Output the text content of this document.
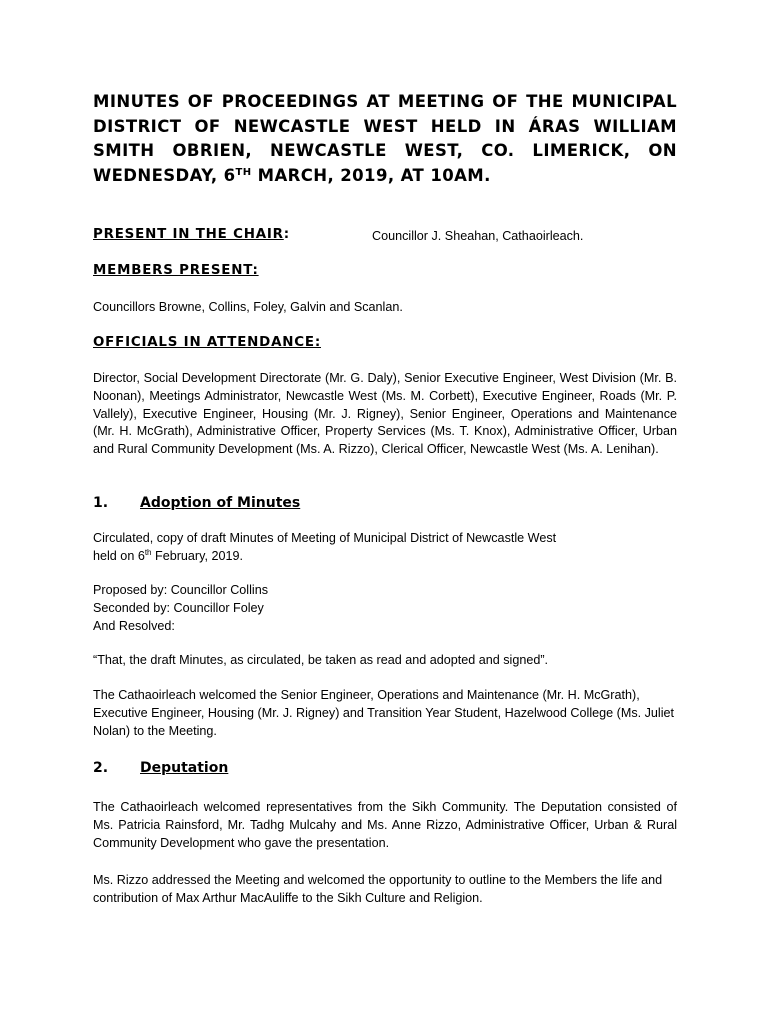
MINUTES OF PROCEEDINGS AT MEETING OF THE MUNICIPAL DISTRICT OF NEWCASTLE WEST HELD IN ÁRAS WILLIAM SMITH OBRIEN, NEWCASTLE WEST, CO. LIMERICK, ON WEDNESDAY, 6TH MARCH, 2019, AT 10AM.
PRESENT IN THE CHAIR:	Councillor J. Sheahan, Cathaoirleach.
MEMBERS PRESENT:

Councillors Browne, Collins, Foley, Galvin and Scanlan.

OFFICIALS IN ATTENDANCE:

Director, Social Development Directorate (Mr. G. Daly), Senior Executive Engineer, West Division (Mr. B. Noonan), Meetings Administrator, Newcastle West (Ms. M. Corbett), Executive Engineer, Roads (Mr. P. Vallely), Executive Engineer, Housing (Mr. J. Rigney), Senior Engineer, Operations and Maintenance (Mr. H. McGrath), Administrative Officer, Property Services (Ms. T. Knox), Administrative Officer, Urban and Rural Community Development (Ms. A. Rizzo), Clerical Officer, Newcastle West (Ms. A. Lenihan).

1. Adoption of Minutes

Circulated, copy of draft Minutes of Meeting of Municipal District of Newcastle West
held on 6th February, 2019.

Proposed by: Councillor Collins
Seconded by: Councillor Foley
And Resolved:

“That, the draft Minutes, as circulated, be taken as read and adopted and signed”.

The Cathaoirleach welcomed the Senior Engineer, Operations and Maintenance (Mr. H. McGrath), Executive Engineer, Housing (Mr. J. Rigney) and Transition Year Student, Hazelwood College (Ms. Juliet Nolan) to the Meeting.

2. Deputation

The Cathaoirleach welcomed representatives from the Sikh Community. The Deputation consisted of Ms. Patricia Rainsford, Mr. Tadhg Mulcahy and Ms. Anne Rizzo, Administrative Officer, Urban & Rural Community Development who gave the presentation.

Ms. Rizzo addressed the Meeting and welcomed the opportunity to outline to the Members the life and contribution of Max Arthur MacAuliffe to the Sikh Culture and Religion.
